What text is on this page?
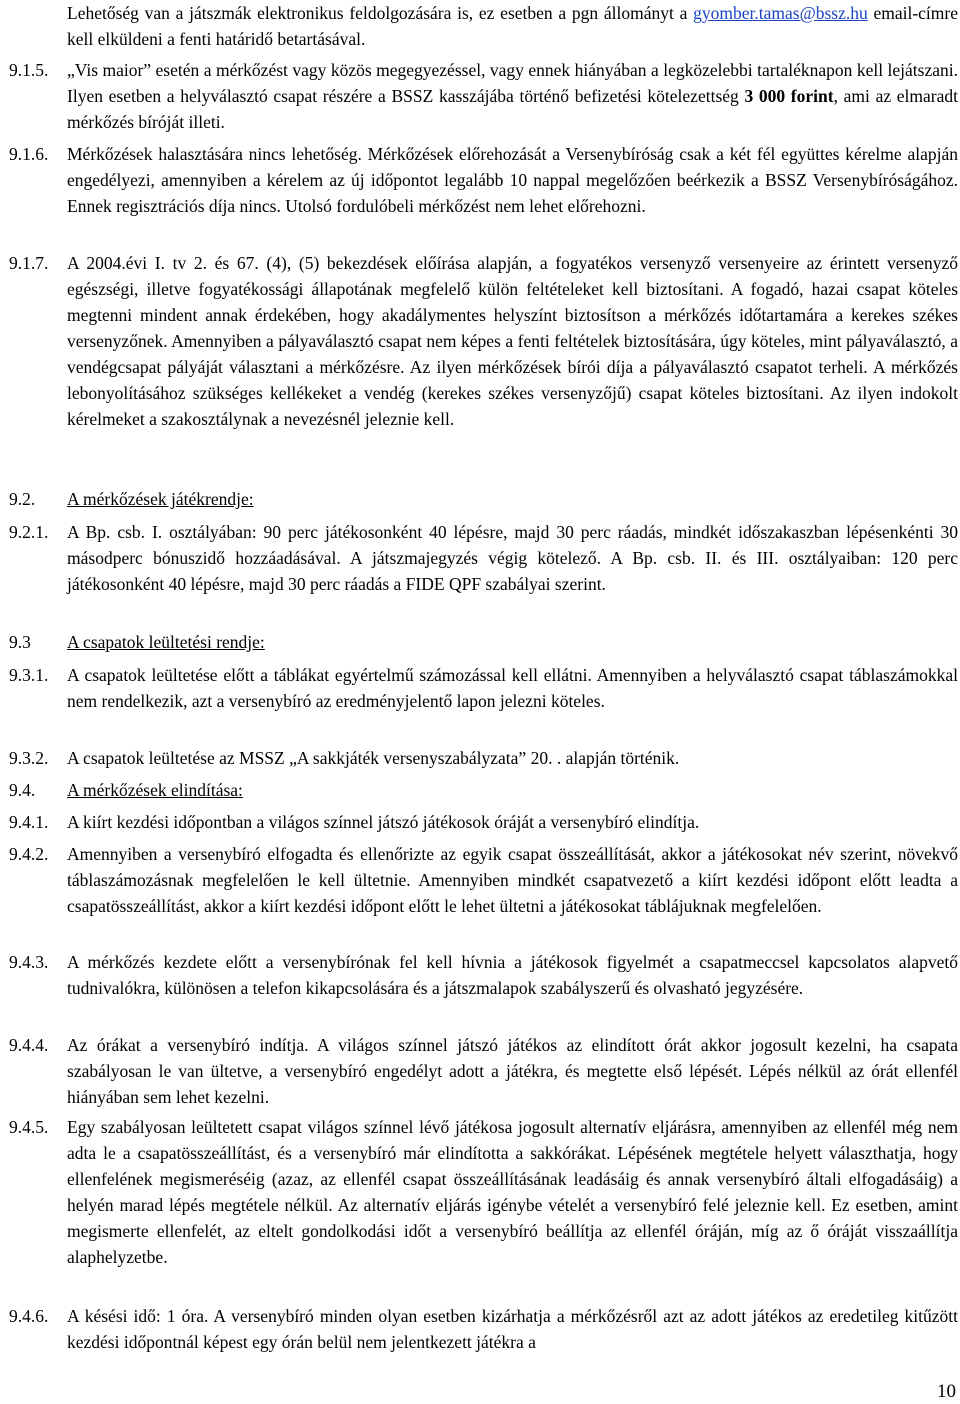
Lehetőség van a játszmák elektronikus feldolgozására is, ez esetben a pgn állományt a gyomber.tamas@bssz.hu email-címre kell elküldeni a fenti határidő betartásával.

9.1.5. „Vis maior” esetén a mérkőzést vagy közös megegyezéssel, vagy ennek hiányában a legközelebbi tartaléknapon kell lejátszani. Ilyen esetben a helyválasztó csapat részére a BSSZ kasszájába történő befizetési kötelezettség 3 000 forint, ami az elmaradt mérkőzés bíróját illeti.

9.1.6. Mérkőzések halasztására nincs lehetőség. Mérkőzések előrehozását a Versenybíróság csak a két fél együttes kérelme alapján engedélyezi, amennyiben a kérelem az új időpontot legalább 10 nappal megelőzően beérkezik a BSSZ Versenybíróságához. Ennek regisztrációs díja nincs. Utolsó fordulóbeli mérkőzést nem lehet előrehozni.

9.1.7. A 2004.évi I. tv 2. és 67. (4), (5) bekezdések előírása alapján, a fogyatékos versenyző versenyeire az érintett versenyző egészségi, illetve fogyatékossági állapotának megfelelő külön feltételeket kell biztosítani. A fogadó, hazai csapat köteles megtenni mindent annak érdekében, hogy akadálymentes helyszínt biztosítson a mérkőzés időtartamára a kerekes székes versenyzőnek. Amennyiben a pályaválasztó csapat nem képes a fenti feltételek biztosítására, úgy köteles, mint pályaválasztó, a vendégcsapat pályáját választani a mérkőzésre. Az ilyen mérkőzések bírói díja a pályaválasztó csapatot terheli. A mérkőzés lebonyolításához szükséges kellékeket a vendég (kerekes székes versenyzőjű) csapat köteles biztosítani. Az ilyen indokolt kérelmeket a szakosztálynak a nevezésnél jeleznie kell.

9.2. A mérkőzések játékrendje:

9.2.1. A Bp. csb. I. osztályában: 90 perc játékosonként 40 lépésre, majd 30 perc ráadás, mindkét időszakaszban lépésenkénti 30 másodperc bónuszidő hozzáadásával. A játszmajegyzés végig kötelező. A Bp. csb. II. és III. osztályaiban: 120 perc játékosonként 40 lépésre, majd 30 perc ráadás a FIDE QPF szabályai szerint.

9.3 A csapatok leültetési rendje:

9.3.1. A csapatok leültetése előtt a táblákat egyértelmű számozással kell ellátni. Amennyiben a helyválasztó csapat táblaszámokkal nem rendelkezik, azt a versenybíró az eredményjelentő lapon jelezni köteles.

9.3.2. A csapatok leültetése az MSSZ „A sakkjáték versenyszabályzata” 20. . alapján történik.

9.4. A mérkőzések elindítása:

9.4.1. A kiírt kezdési időpontban a világos színnel játszó játékosok óráját a versenybíró elindítja.

9.4.2. Amennyiben a versenybíró elfogadta és ellenőrizte az egyik csapat összeállítását, akkor a játékosokat név szerint, növekvő táblaszámozásnak megfelelően le kell ültetnie. Amennyiben mindkét csapatvezető a kiírt kezdési időpont előtt leadta a csapatösszeállítást, akkor a kiírt kezdési időpont előtt le lehet ültetni a játékosokat táblájuknak megfelelően.

9.4.3. A mérkőzés kezdete előtt a versenybírónak fel kell hívnia a játékosok figyelmét a csapatmeccsel kapcsolatos alapvető tudnivalókra, különösen a telefon kikapcsolására és a játszmalapok szabályszerű és olvasható jegyzésére.

9.4.4. Az órákat a versenybíró indítja. A világos színnel játszó játékos az elindított órát akkor jogosult kezelni, ha csapata szabályosan le van ültetve, a versenybíró engedélyt adott a játékra, és megtette első lépését. Lépés nélkül az órát ellenfél hiányában sem lehet kezelni.

9.4.5. Egy szabályosan leültetett csapat világos színnel lévő játékosa jogosult alternatív eljárásra, amennyiben az ellenfél még nem adta le a csapatösszeállítást, és a versenybíró már elindította a sakkórákat. Lépésének megtétele helyett választhatja, hogy ellenfelének megismeréséig (azaz, az ellenfél csapat összeállításának leadásáig és annak versenybíró általi elfogadásáig) a helyén marad lépés megtétele nélkül. Az alternatív eljárás igénybe vételét a versenybíró felé jeleznie kell. Ez esetben, amint megismerte ellenfelét, az eltelt gondolkodási időt a versenybíró beállítja az ellenfél óráján, míg az ő óráját visszaállítja alaphelyzetbe.

9.4.6. A késési idő: 1 óra. A versenybíró minden olyan esetben kizárhatja a mérkőzésről azt az adott játékos az eredetileg kitűzött kezdési időpontnál képest egy órán belül nem jelentkezett játékra a

10
